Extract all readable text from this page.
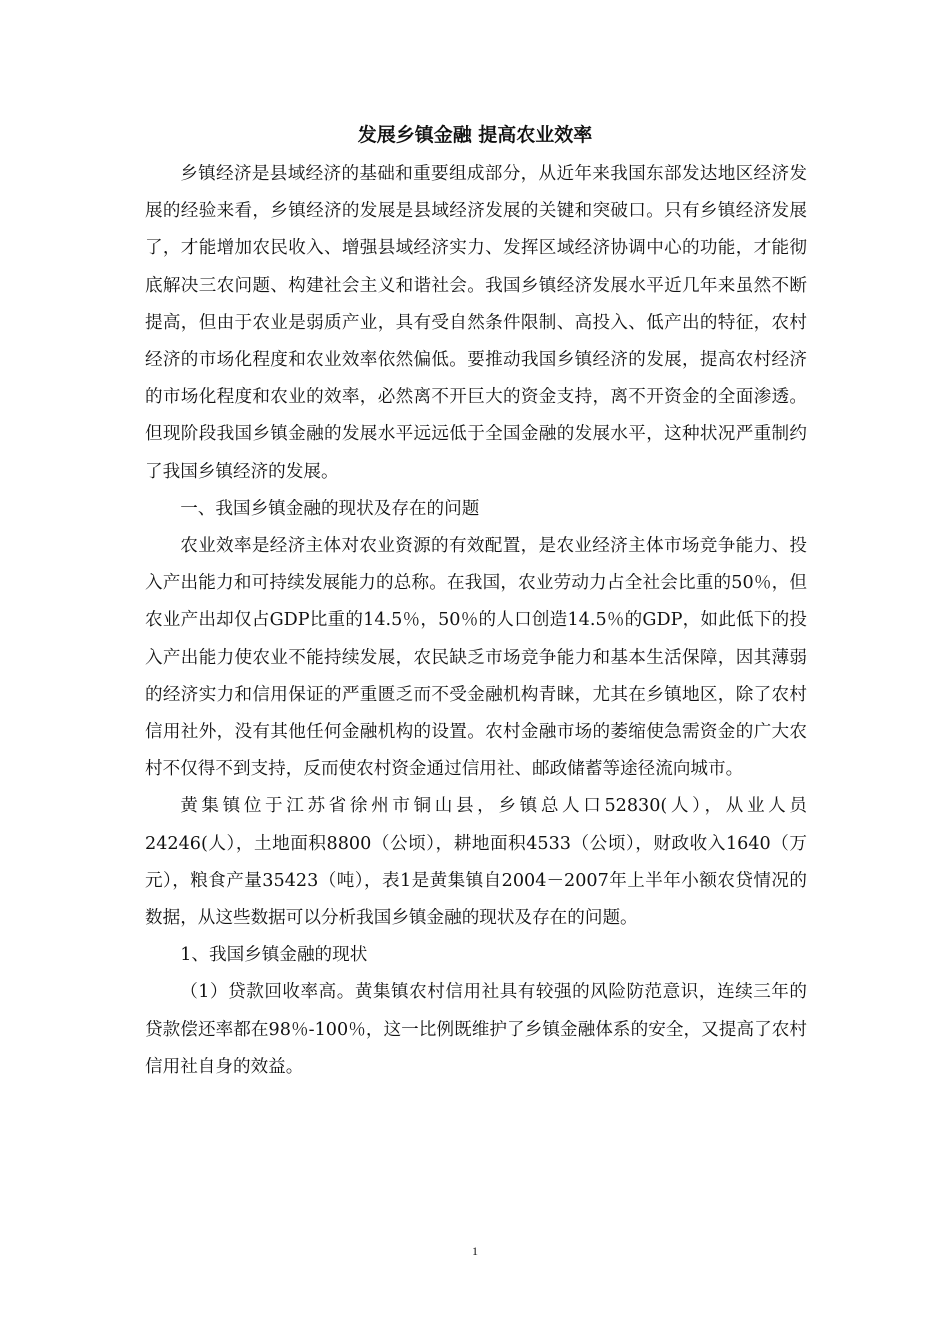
发展乡镇金融 提高农业效率

乡镇经济是县域经济的基础和重要组成部分，从近年来我国东部发达地区经济发展的经验来看，乡镇经济的发展是县域经济发展的关键和突破口。只有乡镇经济发展了，才能增加农民收入、增强县域经济实力、发挥区域经济协调中心的功能，才能彻底解决三农问题、构建社会主义和谐社会。我国乡镇经济发展水平近几年来虽然不断提高，但由于农业是弱质产业，具有受自然条件限制、高投入、低产出的特征，农村经济的市场化程度和农业效率依然偏低。要推动我国乡镇经济的发展，提高农村经济的市场化程度和农业的效率，必然离不开巨大的资金支持，离不开资金的全面渗透。但现阶段我国乡镇金融的发展水平远远低于全国金融的发展水平，这种状况严重制约了我国乡镇经济的发展。

一、我国乡镇金融的现状及存在的问题

农业效率是经济主体对农业资源的有效配置，是农业经济主体市场竞争能力、投入产出能力和可持续发展能力的总称。在我国，农业劳动力占全社会比重的50％，但农业产出却仅占GDP比重的14.5％，50％的人口创造14.5％的GDP，如此低下的投入产出能力使农业不能持续发展，农民缺乏市场竞争能力和基本生活保障，因其薄弱的经济实力和信用保证的严重匮乏而不受金融机构青睐，尤其在乡镇地区，除了农村信用社外，没有其他任何金融机构的设置。农村金融市场的萎缩使急需资金的广大农村不仅得不到支持，反而使农村资金通过信用社、邮政储蓄等途径流向城市。

黄集镇位于江苏省徐州市铜山县，乡镇总人口52830(人），从业人员24246(人），土地面积8800（公顷），耕地面积4533（公顷），财政收入1640（万元），粮食产量35423（吨），表1是黄集镇自2004－2007年上半年小额农贷情况的数据，从这些数据可以分析我国乡镇金融的现状及存在的问题。

1、我国乡镇金融的现状

（1）贷款回收率高。黄集镇农村信用社具有较强的风险防范意识，连续三年的贷款偿还率都在98％-100％，这一比例既维护了乡镇金融体系的安全，又提高了农村信用社自身的效益。

1
